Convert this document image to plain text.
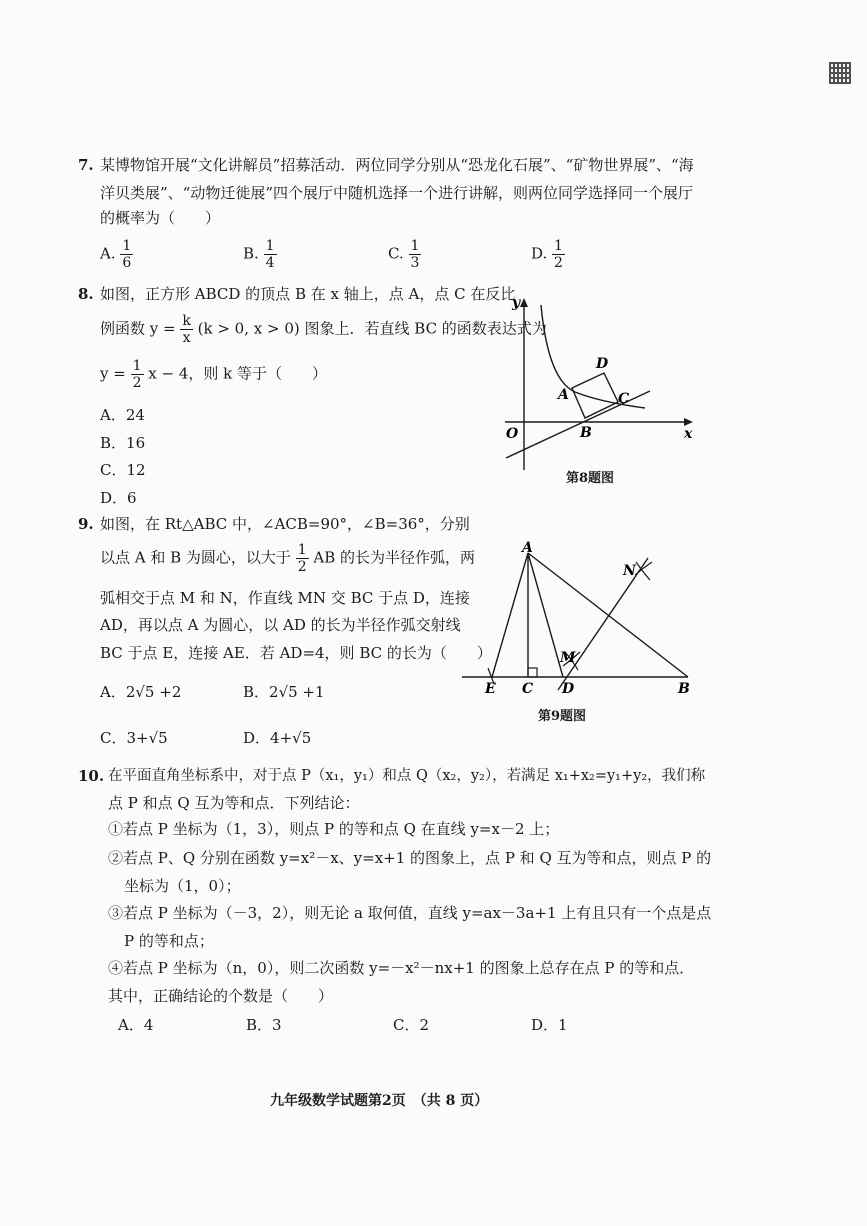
7. 某博物馆开展“文化讲解员”招募活动．两位同学分别从“恐龙化石展”、“矿物世界展”、“海
洋贝类展”、“动物迁徙展”四个展厅中随机选择一个进行讲解，则两位同学选择同一个展厅
的概率为（　　）
A. $\frac{1}{6}$	B. $\frac{1}{4}$	C. $\frac{1}{3}$	D. $\frac{1}{2}$
8. 如图，正方形 ABCD 的顶点 B 在 x 轴上，点 A，点 C 在反比
例函数 $y = \frac{k}{x} (k > 0$, x > 0) 图象上．若直线 BC 的函数表达式为
$y = \frac{1}{2}$ x − 4，则 k 等于（　　）
A．24
B．16
C．12
D．6
y
x
O
A
B
C
D
第8题图
9. 如图，在 Rt△ABC 中，∠ACB=90°，∠B=36°，分别
以点 A 和 B 为圆心，以大于 $\frac{1}{2}$ AB 的长为半径作弧，两
弧相交于点 M 和 N，作直线 MN 交 BC 于点 D，连接
AD，再以点 A 为圆心，以 AD 的长为半径作弧交射线
BC 于点 E，连接 AE．若 AD=4，则 BC 的长为（　　）
A．2√5 +2	B．2√5 +1
C．3+√5	D．4+√5
A
B
C D
E
M
N
第9题图
10. 在平面直角坐标系中，对于点 P（x₁，y₁）和点 Q（x₂，y₂），若满足 x₁+x₂=y₁+y₂，我们称
点 P 和点 Q 互为等和点．下列结论：
①若点 P 坐标为（1，3），则点 P 的等和点 Q 在直线 y=x－2 上；
②若点 P、Q 分别在函数 y=x²－x、y=x+1 的图象上，点 P 和 Q 互为等和点，则点 P 的
坐标为（1，0）；
③若点 P 坐标为（－3，2），则无论 a 取何值，直线 y=ax－3a+1 上有且只有一个点是点
P 的等和点；
④若点 P 坐标为（n，0），则二次函数 y=－x²－nx+1 的图象上总存在点 P 的等和点．
其中，正确结论的个数是（　　）
A．4	B．3	C．2	D．1
九年级数学试题第2页　（共 8 页）
